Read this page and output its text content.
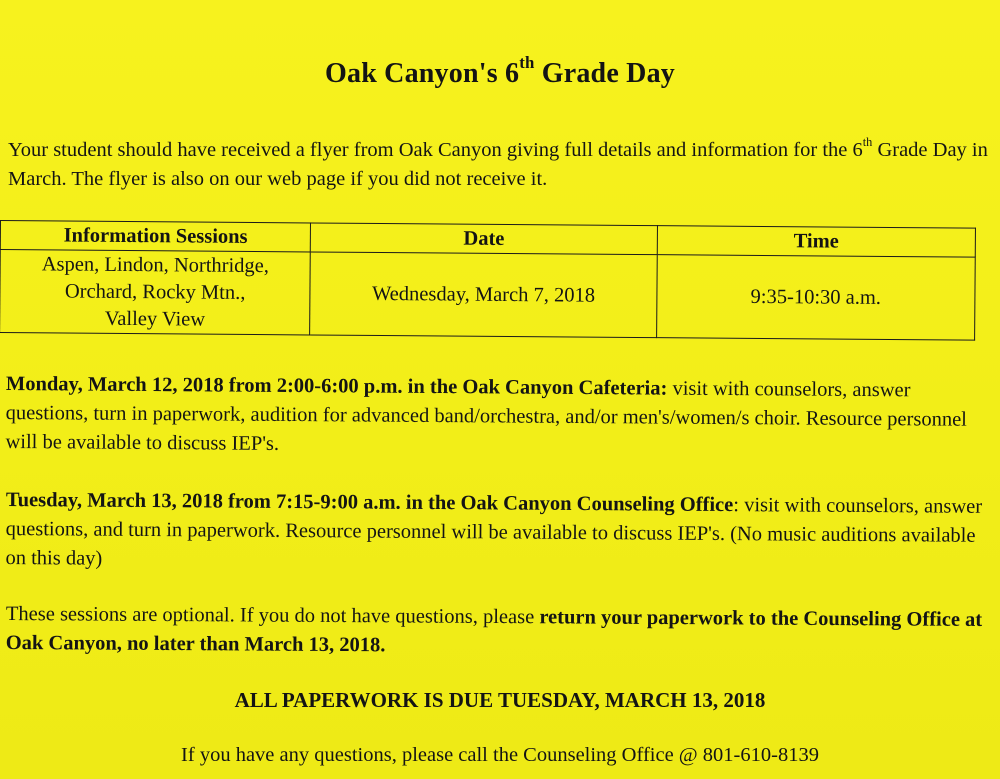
Oak Canyon's 6th Grade Day
Your student should have received a flyer from Oak Canyon giving full details and information for the 6th Grade Day in March. The flyer is also on our web page if you did not receive it.
Information Sessions	Date	Time

Aspen, Lindon, Northridge,
Orchard, Rocky Mtn.,
Valley View	Wednesday, March 7, 2018	9:35-10:30 a.m.
Monday, March 12, 2018 from 2:00-6:00 p.m. in the Oak Canyon Cafeteria: visit with counselors, answer questions, turn in paperwork, audition for advanced band/orchestra, and/or men's/women/s choir. Resource personnel will be available to discuss IEP's.
Tuesday, March 13, 2018 from 7:15-9:00 a.m. in the Oak Canyon Counseling Office: visit with counselors, answer questions, and turn in paperwork. Resource personnel will be available to discuss IEP's. (No music auditions available on this day)
These sessions are optional. If you do not have questions, please return your paperwork to the Counseling Office at Oak Canyon, no later than March 13, 2018.
ALL PAPERWORK IS DUE TUESDAY, MARCH 13, 2018
If you have any questions, please call the Counseling Office @ 801-610-8139
